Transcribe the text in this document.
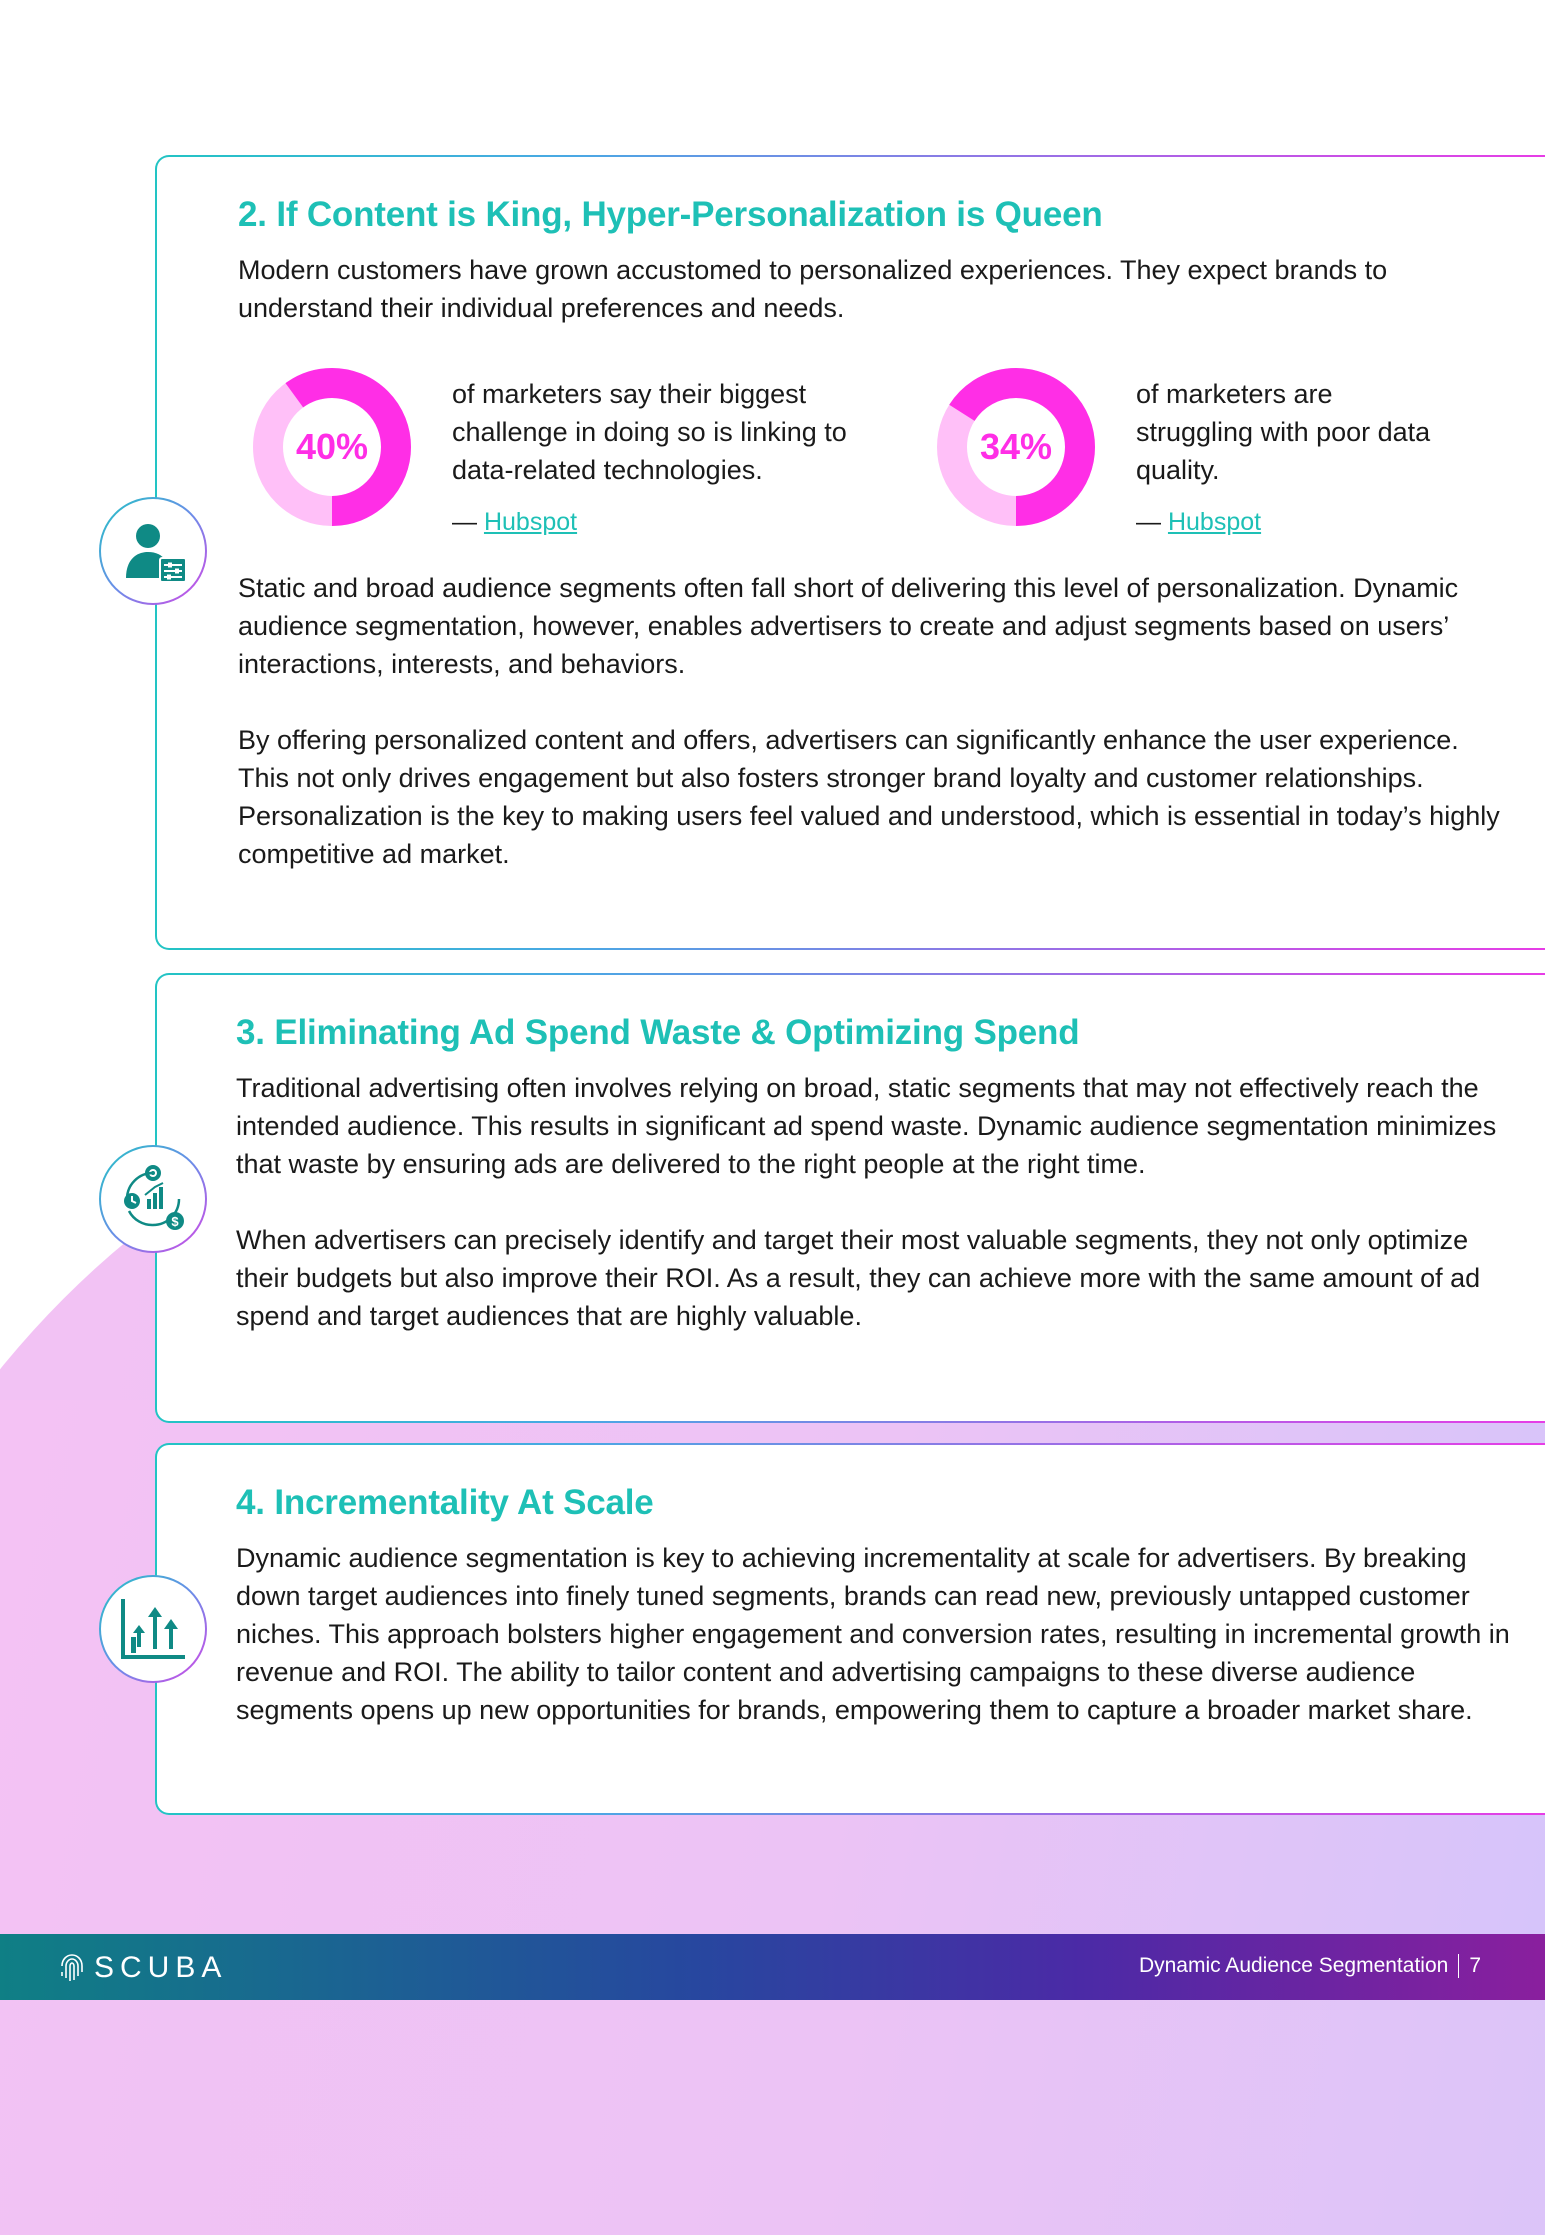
2. If Content is King, Hyper-Personalization is Queen

Modern customers have grown accustomed to personalized experiences. They expect brands to understand their individual preferences and needs.

40%
of marketers say their biggest challenge in doing so is linking to data-related technologies.
— Hubspot
34%
of marketers are struggling with poor data quality.
— Hubspot

Static and broad audience segments often fall short of delivering this level of personalization. Dynamic audience segmentation, however, enables advertisers to create and adjust segments based on users’ interactions, interests, and behaviors.

By offering personalized content and offers, advertisers can significantly enhance the user experience. This not only drives engagement but also fosters stronger brand loyalty and customer relationships. Personalization is the key to making users feel valued and understood, which is essential in today’s highly competitive ad market.

$
3. Eliminating Ad Spend Waste & Optimizing Spend

Traditional advertising often involves relying on broad, static segments that may not effectively reach the intended audience. This results in significant ad spend waste. Dynamic audience segmentation minimizes that waste by ensuring ads are delivered to the right people at the right time.

When advertisers can precisely identify and target their most valuable segments, they not only optimize their budgets but also improve their ROI. As a result, they can achieve more with the same amount of ad spend and target audiences that are highly valuable.

4. Incrementality At Scale

Dynamic audience segmentation is key to achieving incrementality at scale for advertisers. By breaking down target audiences into finely tuned segments, brands can read new, previously untapped customer niches. This approach bolsters higher engagement and conversion rates, resulting in incremental growth in revenue and ROI. The ability to tailor content and advertising campaigns to these diverse audience segments opens up new opportunities for brands, empowering them to capture a broader market share.

SCUBA	Dynamic Audience Segmentation 7
